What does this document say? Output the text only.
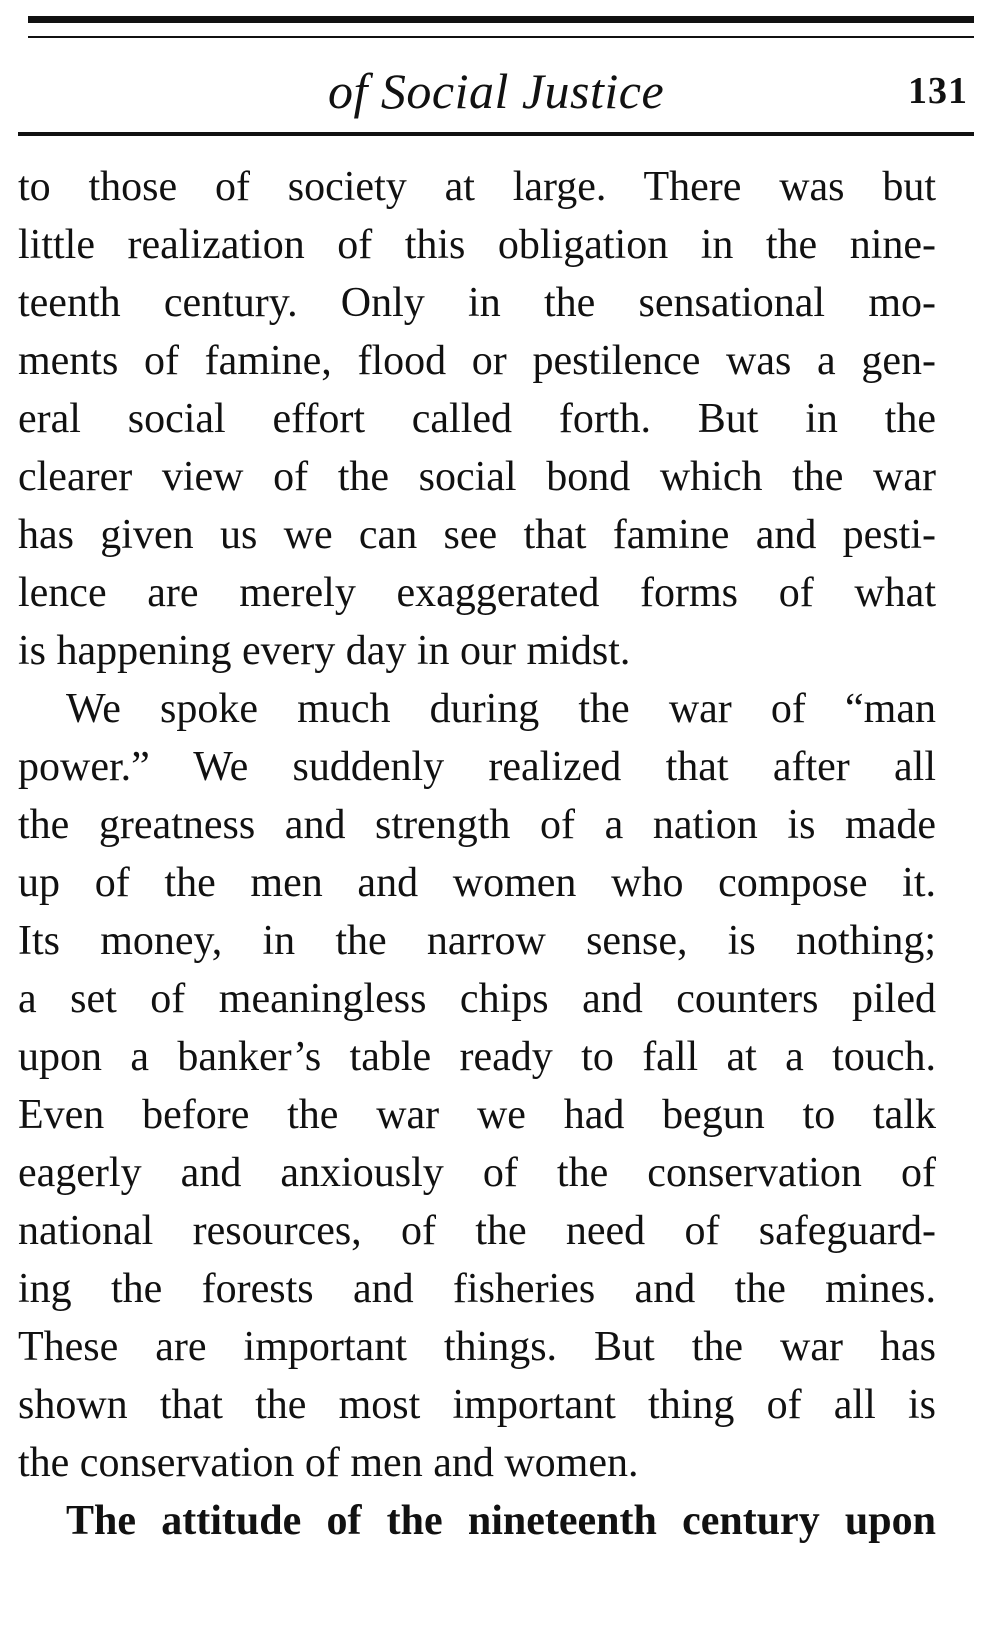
of Social Justice	131
to those of society at large. There was but
little realization of this obligation in the nine-
teenth century. Only in the sensational mo-
ments of famine, flood or pestilence was a gen-
eral social effort called forth. But in the
clearer view of the social bond which the war
has given us we can see that famine and pesti-
lence are merely exaggerated forms of what
is happening every day in our midst.
We spoke much during the war of “man
power.” We suddenly realized that after all
the greatness and strength of a nation is made
up of the men and women who compose it.
Its money, in the narrow sense, is nothing;
a set of meaningless chips and counters piled
upon a banker’s table ready to fall at a touch.
Even before the war we had begun to talk
eagerly and anxiously of the conservation of
national resources, of the need of safeguard-
ing the forests and fisheries and the mines.
These are important things. But the war has
shown that the most important thing of all is
the conservation of men and women.
The attitude of the nineteenth century upon
